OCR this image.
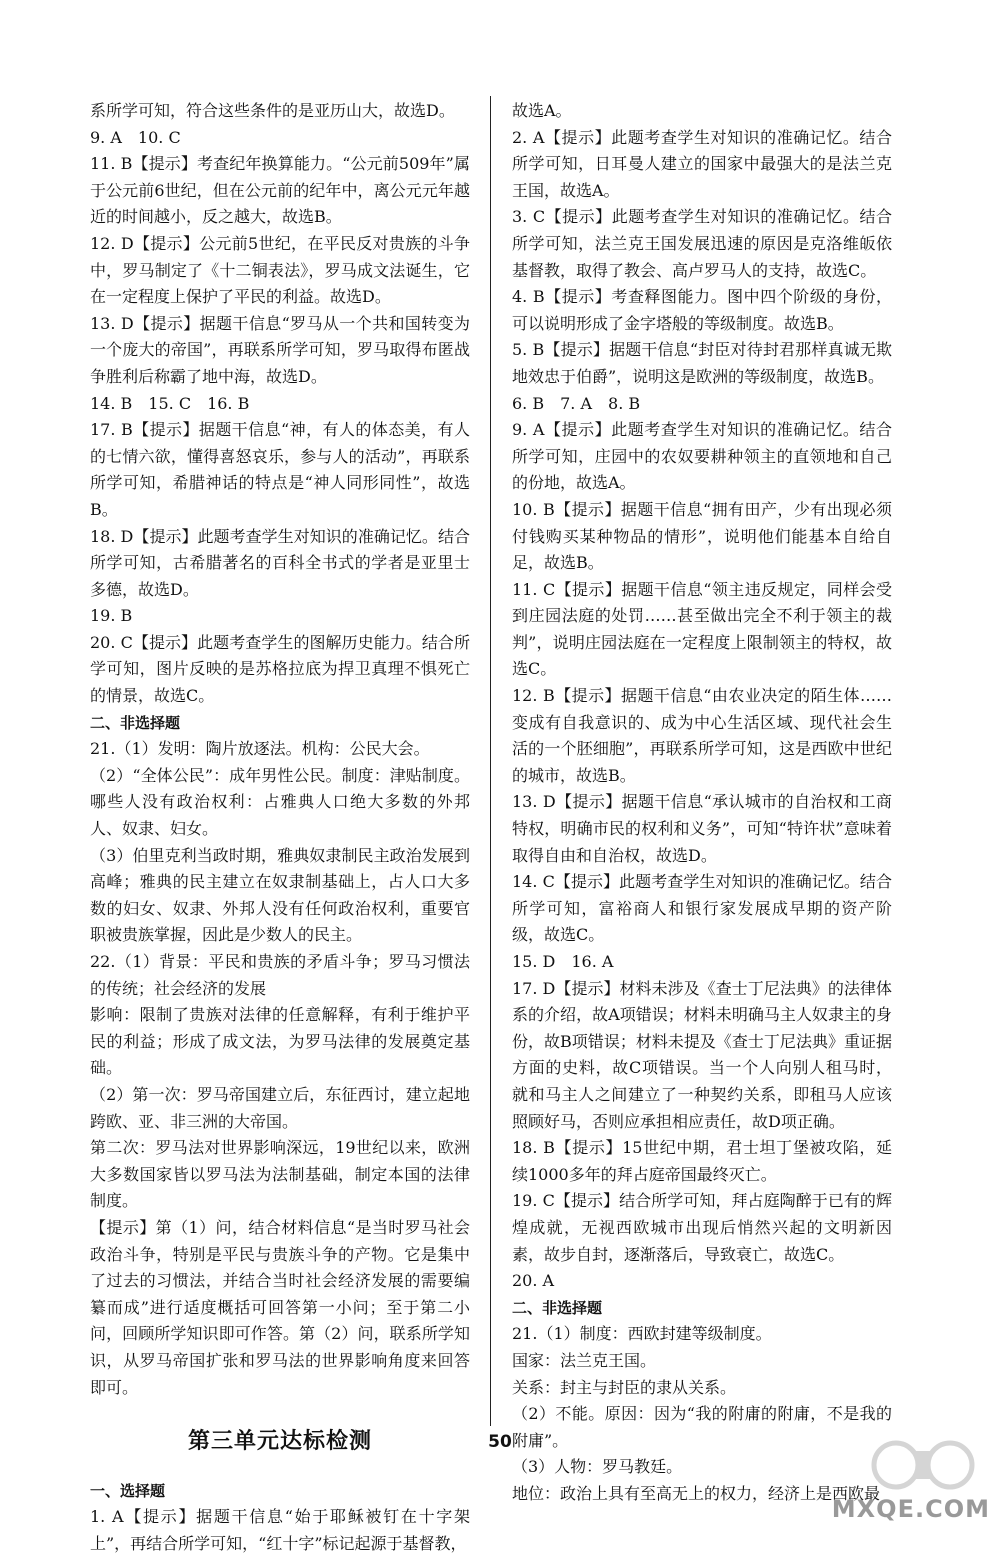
系所学可知，符合这些条件的是亚历山大，故选D。

9. A　10. C

11. B【提示】考查纪年换算能力。“公元前509年”属于公元前6世纪，但在公元前的纪年中，离公元元年越近的时间越小，反之越大，故选B。

12. D【提示】公元前5世纪，在平民反对贵族的斗争中，罗马制定了《十二铜表法》，罗马成文法诞生，它在一定程度上保护了平民的利益。故选D。

13. D【提示】据题干信息“罗马从一个共和国转变为一个庞大的帝国”，再联系所学可知，罗马取得布匿战争胜利后称霸了地中海，故选D。

14. B　15. C　16. B

17. B【提示】据题干信息“神，有人的体态美，有人的七情六欲，懂得喜怒哀乐，参与人的活动”，再联系所学可知，希腊神话的特点是“神人同形同性”，故选B。

18. D【提示】此题考查学生对知识的准确记忆。结合所学可知，古希腊著名的百科全书式的学者是亚里士多德，故选D。

19. B

20. C【提示】此题考查学生的图解历史能力。结合所学可知，图片反映的是苏格拉底为捍卫真理不惧死亡的情景，故选C。

二、非选择题

21.（1）发明：陶片放逐法。机构：公民大会。

（2）“全体公民”：成年男性公民。制度：津贴制度。哪些人没有政治权利：占雅典人口绝大多数的外邦人、奴隶、妇女。

（3）伯里克利当政时期，雅典奴隶制民主政治发展到高峰；雅典的民主建立在奴隶制基础上，占人口大多数的妇女、奴隶、外邦人没有任何政治权利，重要官职被贵族掌握，因此是少数人的民主。

22.（1）背景：平民和贵族的矛盾斗争；罗马习惯法的传统；社会经济的发展

影响：限制了贵族对法律的任意解释，有利于维护平民的利益；形成了成文法，为罗马法律的发展奠定基础。

（2）第一次：罗马帝国建立后，东征西讨，建立起地跨欧、亚、非三洲的大帝国。

第二次：罗马法对世界影响深远，19世纪以来，欧洲大多数国家皆以罗马法为法制基础，制定本国的法律制度。

【提示】第（1）问，结合材料信息“是当时罗马社会政治斗争，特别是平民与贵族斗争的产物。它是集中了过去的习惯法，并结合当时社会经济发展的需要编纂而成”进行适度概括可回答第一小问；至于第二小问，回顾所学知识即可作答。第（2）问，联系所学知识，从罗马帝国扩张和罗马法的世界影响角度来回答即可。

第三单元达标检测

一、选择题

1. A【提示】据题干信息“始于耶稣被钉在十字架上”，再结合所学可知，“红十字”标记起源于基督教，

故选A。

2. A【提示】此题考查学生对知识的准确记忆。结合所学可知，日耳曼人建立的国家中最强大的是法兰克王国，故选A。

3. C【提示】此题考查学生对知识的准确记忆。结合所学可知，法兰克王国发展迅速的原因是克洛维皈依基督教，取得了教会、高卢罗马人的支持，故选C。

4. B【提示】考查释图能力。图中四个阶级的身份，可以说明形成了金字塔般的等级制度。故选B。

5. B【提示】据题干信息“封臣对待封君那样真诚无欺地效忠于伯爵”，说明这是欧洲的等级制度，故选B。

6. B　7. A　8. B

9. A【提示】此题考查学生对知识的准确记忆。结合所学可知，庄园中的农奴要耕种领主的直领地和自己的份地，故选A。

10. B【提示】据题干信息“拥有田产，少有出现必须付钱购买某种物品的情形”，说明他们能基本自给自足，故选B。

11. C【提示】据题干信息“领主违反规定，同样会受到庄园法庭的处罚……甚至做出完全不利于领主的裁判”，说明庄园法庭在一定程度上限制领主的特权，故选C。

12. B【提示】据题干信息“由农业决定的陌生体……变成有自我意识的、成为中心生活区域、现代社会生活的一个胚细胞”，再联系所学可知，这是西欧中世纪的城市，故选B。

13. D【提示】据题干信息“承认城市的自治权和工商特权，明确市民的权利和义务”，可知“特许状”意味着取得自由和自治权，故选D。

14. C【提示】此题考查学生对知识的准确记忆。结合所学可知，富裕商人和银行家发展成早期的资产阶级，故选C。

15. D　16. A

17. D【提示】材料未涉及《查士丁尼法典》的法律体系的介绍，故A项错误；材料未明确马主人奴隶主的身份，故B项错误；材料未提及《查士丁尼法典》重证据方面的史料，故C项错误。当一个人向别人租马时，就和马主人之间建立了一种契约关系，即租马人应该照顾好马，否则应承担相应责任，故D项正确。

18. B【提示】15世纪中期，君士坦丁堡被攻陷，延续1000多年的拜占庭帝国最终灭亡。

19. C【提示】结合所学可知，拜占庭陶醉于已有的辉煌成就，无视西欧城市出现后悄然兴起的文明新因素，故步自封，逐渐落后，导致衰亡，故选C。

20. A

二、非选择题

21.（1）制度：西欧封建等级制度。

国家：法兰克王国。

关系：封主与封臣的隶从关系。

（2）不能。原因：因为“我的附庸的附庸，不是我的附庸”。

（3）人物：罗马教廷。

地位：政治上具有至高无上的权力，经济上是西欧最

50
MXQE.COM
